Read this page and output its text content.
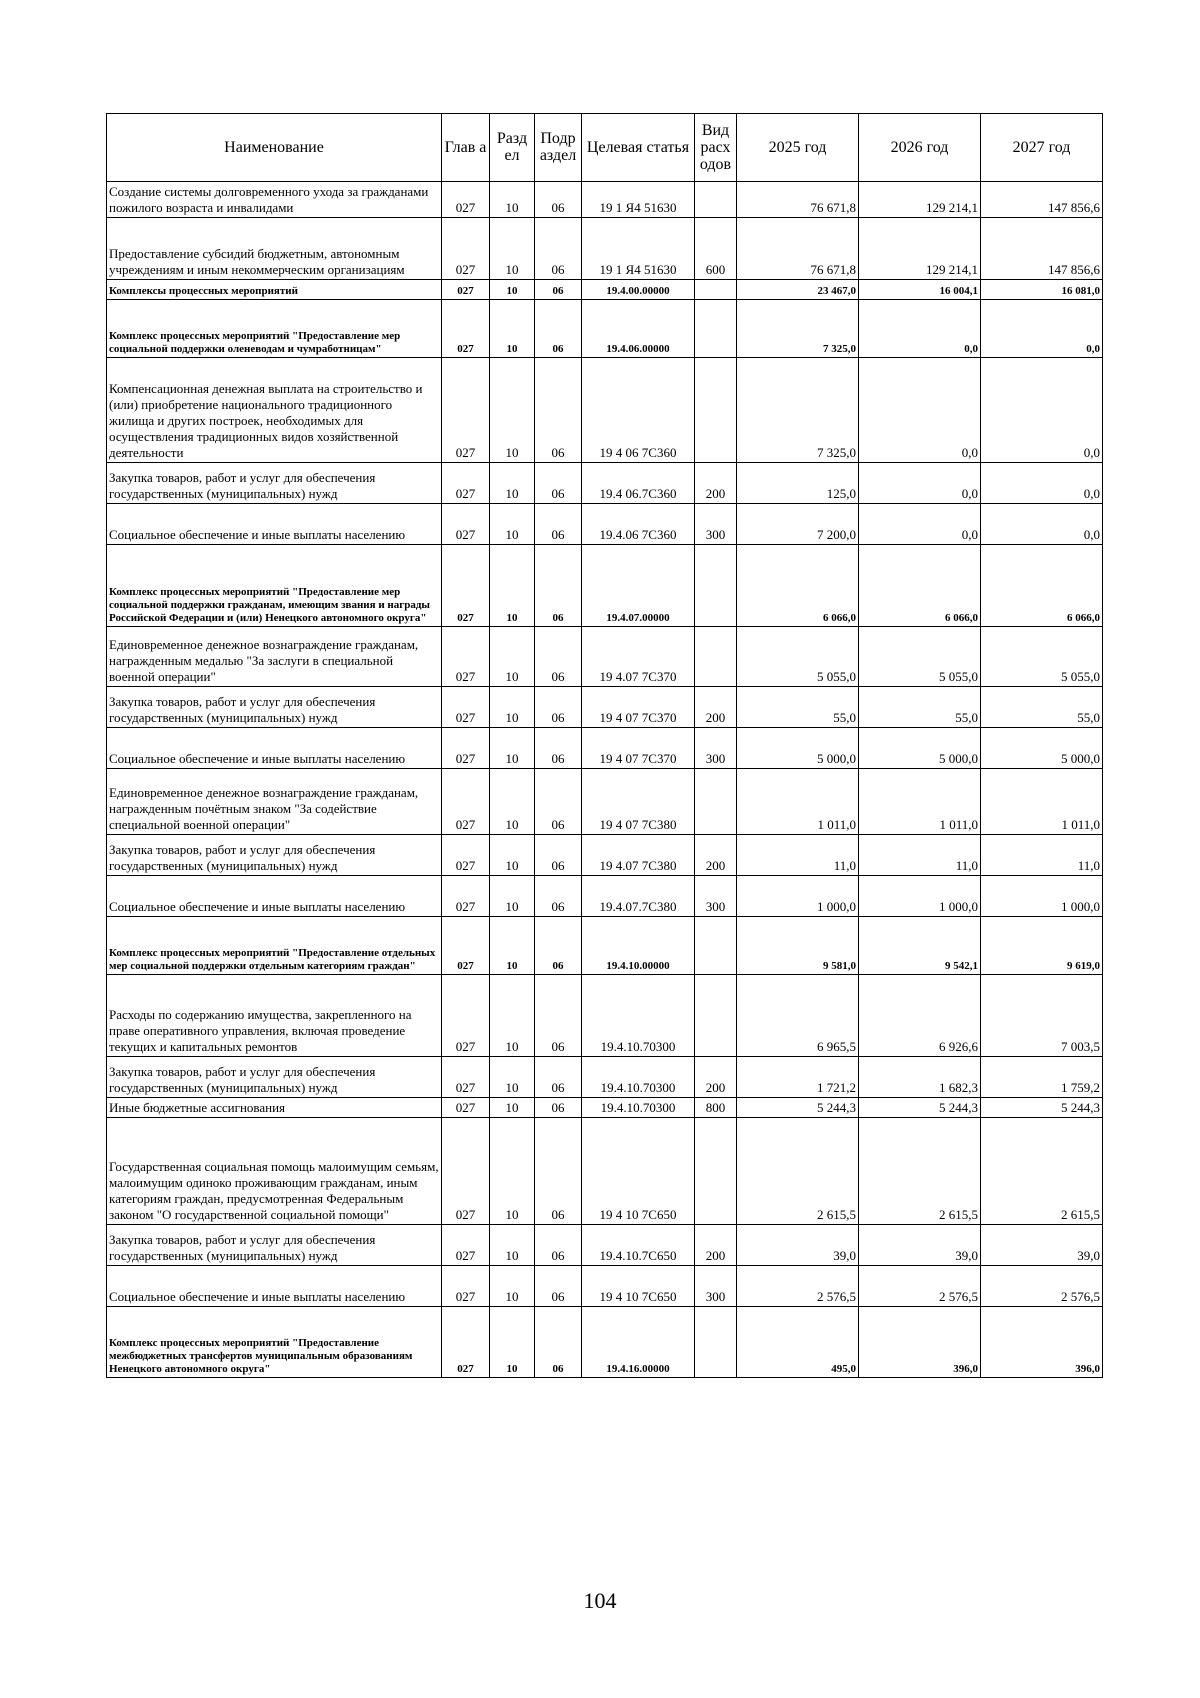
Наименование	Глав а	Разд ел	Подр аздел	Целевая статья	Вид расх одов	2025 год	2026 год	2027 год
Создание системы долговременного ухода за гражданами пожилого возраста и инвалидами	027	10	06	19 1 Я4 51630		76 671,8	129 214,1	147 856,6
Предоставление субсидий бюджетным, автономным учреждениям и иным некоммерческим организациям	027	10	06	19 1 Я4 51630	600	76 671,8	129 214,1	147 856,6
Комплексы процессных мероприятий	027	10	06	19.4.00.00000		23 467,0	16 004,1	16 081,0
Комплекс процессных мероприятий "Предоставление мер социальной поддержки оленеводам и чумработницам"	027	10	06	19.4.06.00000		7 325,0	0,0	0,0
Компенсационная денежная выплата на строительство и (или) приобретение национального традиционного жилища и других построек, необходимых для осуществления традиционных видов хозяйственной деятельности	027	10	06	19 4 06 7С360		7 325,0	0,0	0,0
Закупка товаров, работ и услуг для обеспечения государственных (муниципальных) нужд	027	10	06	19.4 06.7С360	200	125,0	0,0	0,0
Социальное обеспечение и иные выплаты населению	027	10	06	19.4.06 7С360	300	7 200,0	0,0	0,0
Комплекс процессных мероприятий "Предоставление мер социальной поддержки гражданам, имеющим звания и награды Российской Федерации и (или) Ненецкого автономного округа"	027	10	06	19.4.07.00000		6 066,0	6 066,0	6 066,0
Единовременное денежное вознаграждение гражданам, награжденным медалью "За заслуги в специальной военной операции"	027	10	06	19 4.07 7С370		5 055,0	5 055,0	5 055,0
Закупка товаров, работ и услуг для обеспечения государственных (муниципальных) нужд	027	10	06	19 4 07 7С370	200	55,0	55,0	55,0
Социальное обеспечение и иные выплаты населению	027	10	06	19 4 07 7С370	300	5 000,0	5 000,0	5 000,0
Единовременное денежное вознаграждение гражданам, награжденным почётным знаком "За содействие специальной военной операции"	027	10	06	19 4 07 7С380		1 011,0	1 011,0	1 011,0
Закупка товаров, работ и услуг для обеспечения государственных (муниципальных) нужд	027	10	06	19 4.07 7С380	200	11,0	11,0	11,0
Социальное обеспечение и иные выплаты населению	027	10	06	19.4.07.7С380	300	1 000,0	1 000,0	1 000,0
Комплекс процессных мероприятий "Предоставление отдельных мер социальной поддержки отдельным категориям граждан"	027	10	06	19.4.10.00000		9 581,0	9 542,1	9 619,0
Расходы по содержанию имущества, закрепленного на праве оперативного управления, включая проведение текущих и капитальных ремонтов	027	10	06	19.4.10.70300		6 965,5	6 926,6	7 003,5
Закупка товаров, работ и услуг для обеспечения государственных (муниципальных) нужд	027	10	06	19.4.10.70300	200	1 721,2	1 682,3	1 759,2
Иные бюджетные ассигнования	027	10	06	19.4.10.70300	800	5 244,3	5 244,3	5 244,3
Государственная социальная помощь малоимущим семьям, малоимущим одиноко проживающим гражданам, иным категориям граждан, предусмотренная Федеральным законом "О государственной социальной помощи"	027	10	06	19 4 10 7С650		2 615,5	2 615,5	2 615,5
Закупка товаров, работ и услуг для обеспечения государственных (муниципальных) нужд	027	10	06	19.4.10.7С650	200	39,0	39,0	39,0
Социальное обеспечение и иные выплаты населению	027	10	06	19 4 10 7С650	300	2 576,5	2 576,5	2 576,5
Комплекс процессных мероприятий "Предоставление межбюджетных трансфертов муниципальным образованиям Ненецкого автономного округа"	027	10	06	19.4.16.00000		495,0	396,0	396,0
104
